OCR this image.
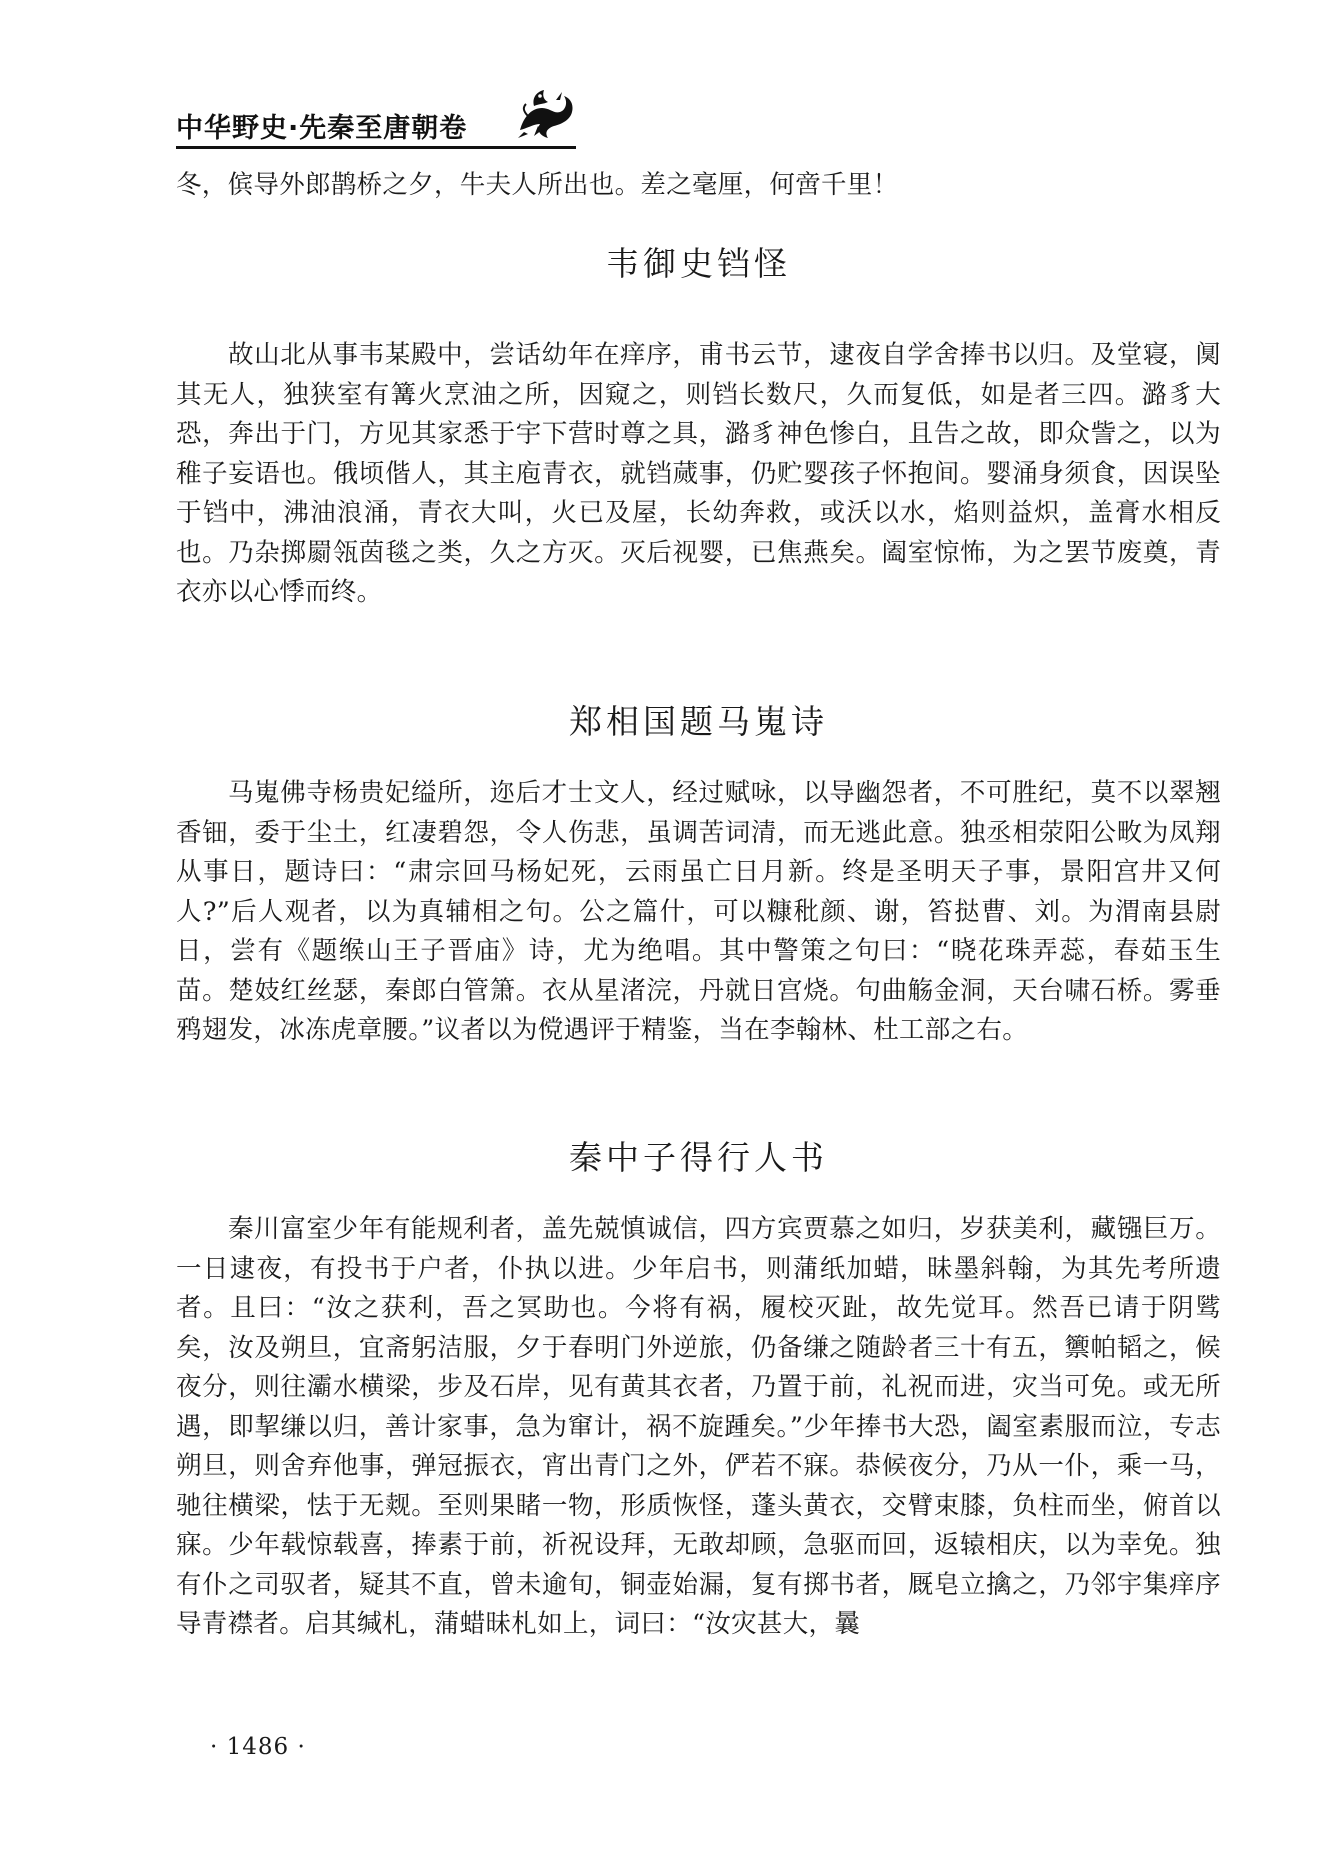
中华野史·先秦至唐朝卷
冬，傧导外郎鹊桥之夕，牛夫人所出也。差之毫厘，何啻千里！
韦御史铛怪

故山北从事韦某殿中，尝话幼年在痒序，甫书云节，逮夜自学舍捧书以归。及堂寝，阒其无人，独狭室有篝火烹油之所，因窥之，则铛长数尺，久而复低，如是者三四。潞豸大恐，奔出于门，方见其家悉于宇下营时尊之具，潞豸神色惨白，且告之故，即众訾之，以为稚子妄语也。俄顷偕人，其主庖青衣，就铛蒇事，仍贮婴孩子怀抱间。婴涌身须食，因误坠于铛中，沸油浪涌，青衣大叫，火已及屋，长幼奔救，或沃以水，焰则益炽，盖膏水相反也。乃杂掷罽瓴茵毯之类，久之方灭。灭后视婴，已焦燕矣。阖室惊怖，为之罢节废奠，青衣亦以心悸而终。

郑相国题马嵬诗

马嵬佛寺杨贵妃缢所，迩后才士文人，经过赋咏，以导幽怨者，不可胜纪，莫不以翠翘香钿，委于尘土，红凄碧怨，令人伤悲，虽调苦词清，而无逃此意。独丞相荥阳公畋为凤翔从事日，题诗曰：“肃宗回马杨妃死，云雨虽亡日月新。终是圣明天子事，景阳宫井又何人?”后人观者，以为真辅相之句。公之篇什，可以糠秕颜、谢，笞挞曹、刘。为渭南县尉日，尝有《题缑山王子晋庙》诗，尤为绝唱。其中警策之句曰：“晓花珠弄蕊，春茹玉生苗。楚妓红丝瑟，秦郎白管箫。衣从星渚浣，丹就日宫烧。句曲觞金洞，天台啸石桥。雾垂鸦翅发，冰冻虎章腰。”议者以为傥遇评于精鉴，当在李翰林、杜工部之右。

秦中子得行人书

秦川富室少年有能规利者，盖先兢慎诚信，四方宾贾慕之如归，岁获美利，藏镪巨万。一日逮夜，有投书于户者，仆执以进。少年启书，则蒲纸加蜡，昧墨斜翰，为其先考所遗者。且曰：“汝之获利，吾之冥助也。今将有祸，履校灭趾，故先觉耳。然吾已请于阴骘矣，汝及朔旦，宜斋躬洁服，夕于春明门外逆旅，仍备缣之随龄者三十有五，籞帕韬之，候夜分，则往灞水横梁，步及石岸，见有黄其衣者，乃置于前，礼祝而进，灾当可免。或无所遇，即挈缣以归，善计家事，急为窜计，祸不旋踵矣。”少年捧书大恐，阖室素服而泣，专志朔旦，则舍弃他事，弹冠振衣，宵出青门之外，俨若不寐。恭候夜分，乃从一仆，乘一马，驰往横梁，怯于无觌。至则果睹一物，形质恢怪，蓬头黄衣，交臂束膝，负柱而坐，俯首以寐。少年载惊载喜，捧素于前，祈祝设拜，无敢却顾，急驱而回，返辕相庆，以为幸免。独有仆之司驭者，疑其不直，曾未逾旬，铜壶始漏，复有掷书者，厩皂立擒之，乃邻宇集痒序导青襟者。启其缄札，蒲蜡昧札如上，词曰：“汝灾甚大，曩

· 1486 ·
